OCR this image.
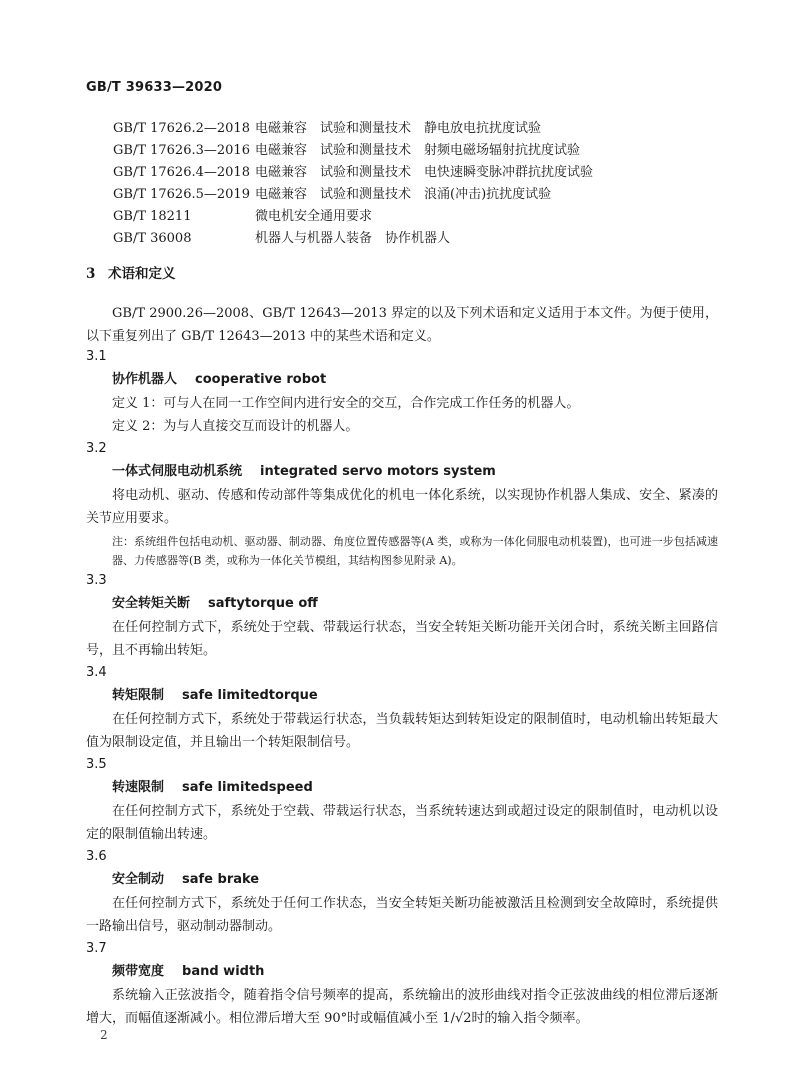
GB/T 39633—2020
GB/T 17626.2—2018 电磁兼容　试验和测量技术　静电放电抗扰度试验
GB/T 17626.3—2016 电磁兼容　试验和测量技术　射频电磁场辐射抗扰度试验
GB/T 17626.4—2018 电磁兼容　试验和测量技术　电快速瞬变脉冲群抗扰度试验
GB/T 17626.5—2019 电磁兼容　试验和测量技术　浪涌(冲击)抗扰度试验
GB/T 18211	微电机安全通用要求
GB/T 36008	机器人与机器人装备　协作机器人
3 术语和定义
GB/T 2900.26—2008、GB/T 12643—2013 界定的以及下列术语和定义适用于本文件。为便于使用，以下重复列出了 GB/T 12643—2013 中的某些术语和定义。
3.1
协作机器人 cooperative robot
定义 1：可与人在同一工作空间内进行安全的交互，合作完成工作任务的机器人。
定义 2：为与人直接交互而设计的机器人。
3.2
一体式伺服电动机系统 integrated servo motors system
将电动机、驱动、传感和传动部件等集成优化的机电一体化系统，以实现协作机器人集成、安全、紧凑的关节应用要求。
注：系统组件包括电动机、驱动器、制动器、角度位置传感器等(A 类，或称为一体化伺服电动机装置)，也可进一步包括减速器、力传感器等(B 类，或称为一体化关节模组，其结构图参见附录 A)。
3.3
安全转矩关断 saftytorque off
在任何控制方式下，系统处于空载、带载运行状态，当安全转矩关断功能开关闭合时，系统关断主回路信号，且不再输出转矩。
3.4
转矩限制 safe limitedtorque
在任何控制方式下，系统处于带载运行状态，当负载转矩达到转矩设定的限制值时，电动机输出转矩最大值为限制设定值，并且输出一个转矩限制信号。
3.5
转速限制 safe limitedspeed
在任何控制方式下，系统处于空载、带载运行状态，当系统转速达到或超过设定的限制值时，电动机以设定的限制值输出转速。
3.6
安全制动 safe brake
在任何控制方式下，系统处于任何工作状态，当安全转矩关断功能被激活且检测到安全故障时，系统提供一路输出信号，驱动制动器制动。
3.7
频带宽度 band width
系统输入正弦波指令，随着指令信号频率的提高，系统输出的波形曲线对指令正弦波曲线的相位滞后逐渐增大，而幅值逐渐减小。相位滞后增大至 90°时或幅值减小至 1/√2时的输入指令频率。
2
